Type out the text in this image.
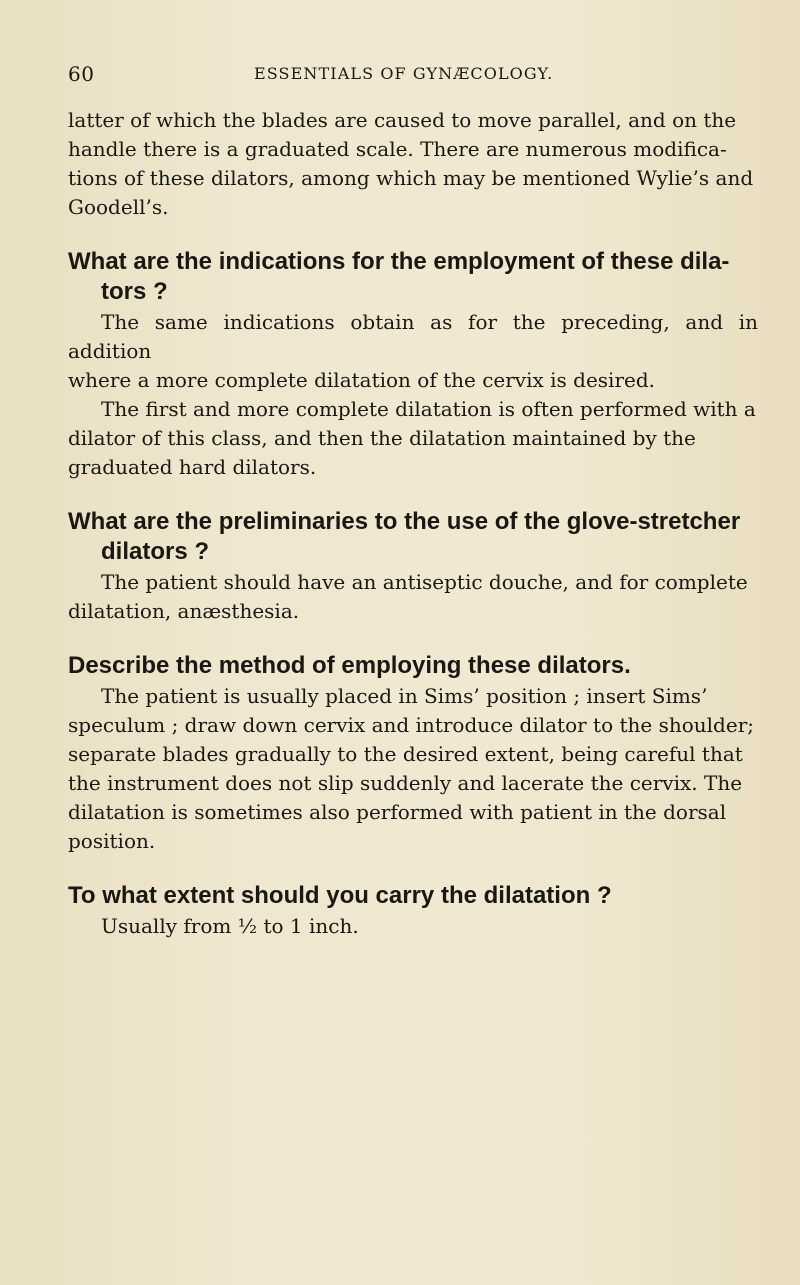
60	ESSENTIALS OF GYNÆCOLOGY.

latter of which the blades are caused to move parallel, and on the

handle there is a graduated scale. There are numerous modifica-

tions of these dilators, among which may be mentioned Wylie’s and

Goodell’s.

What are the indications for the employment of these dila-
tors ?

The same indications obtain as for the preceding, and in addition

where a more complete dilatation of the cervix is desired.

The first and more complete dilatation is often performed with a

dilator of this class, and then the dilatation maintained by the

graduated hard dilators.

What are the preliminaries to the use of the glove-stretcher
dilators ?

The patient should have an antiseptic douche, and for complete

dilatation, anæsthesia.

Describe the method of employing these dilators.

The patient is usually placed in Sims’ position ; insert Sims’

speculum ; draw down cervix and introduce dilator to the shoulder;

separate blades gradually to the desired extent, being careful that

the instrument does not slip suddenly and lacerate the cervix. The

dilatation is sometimes also performed with patient in the dorsal

position.

To what extent should you carry the dilatation ?

Usually from ½ to 1 inch.
